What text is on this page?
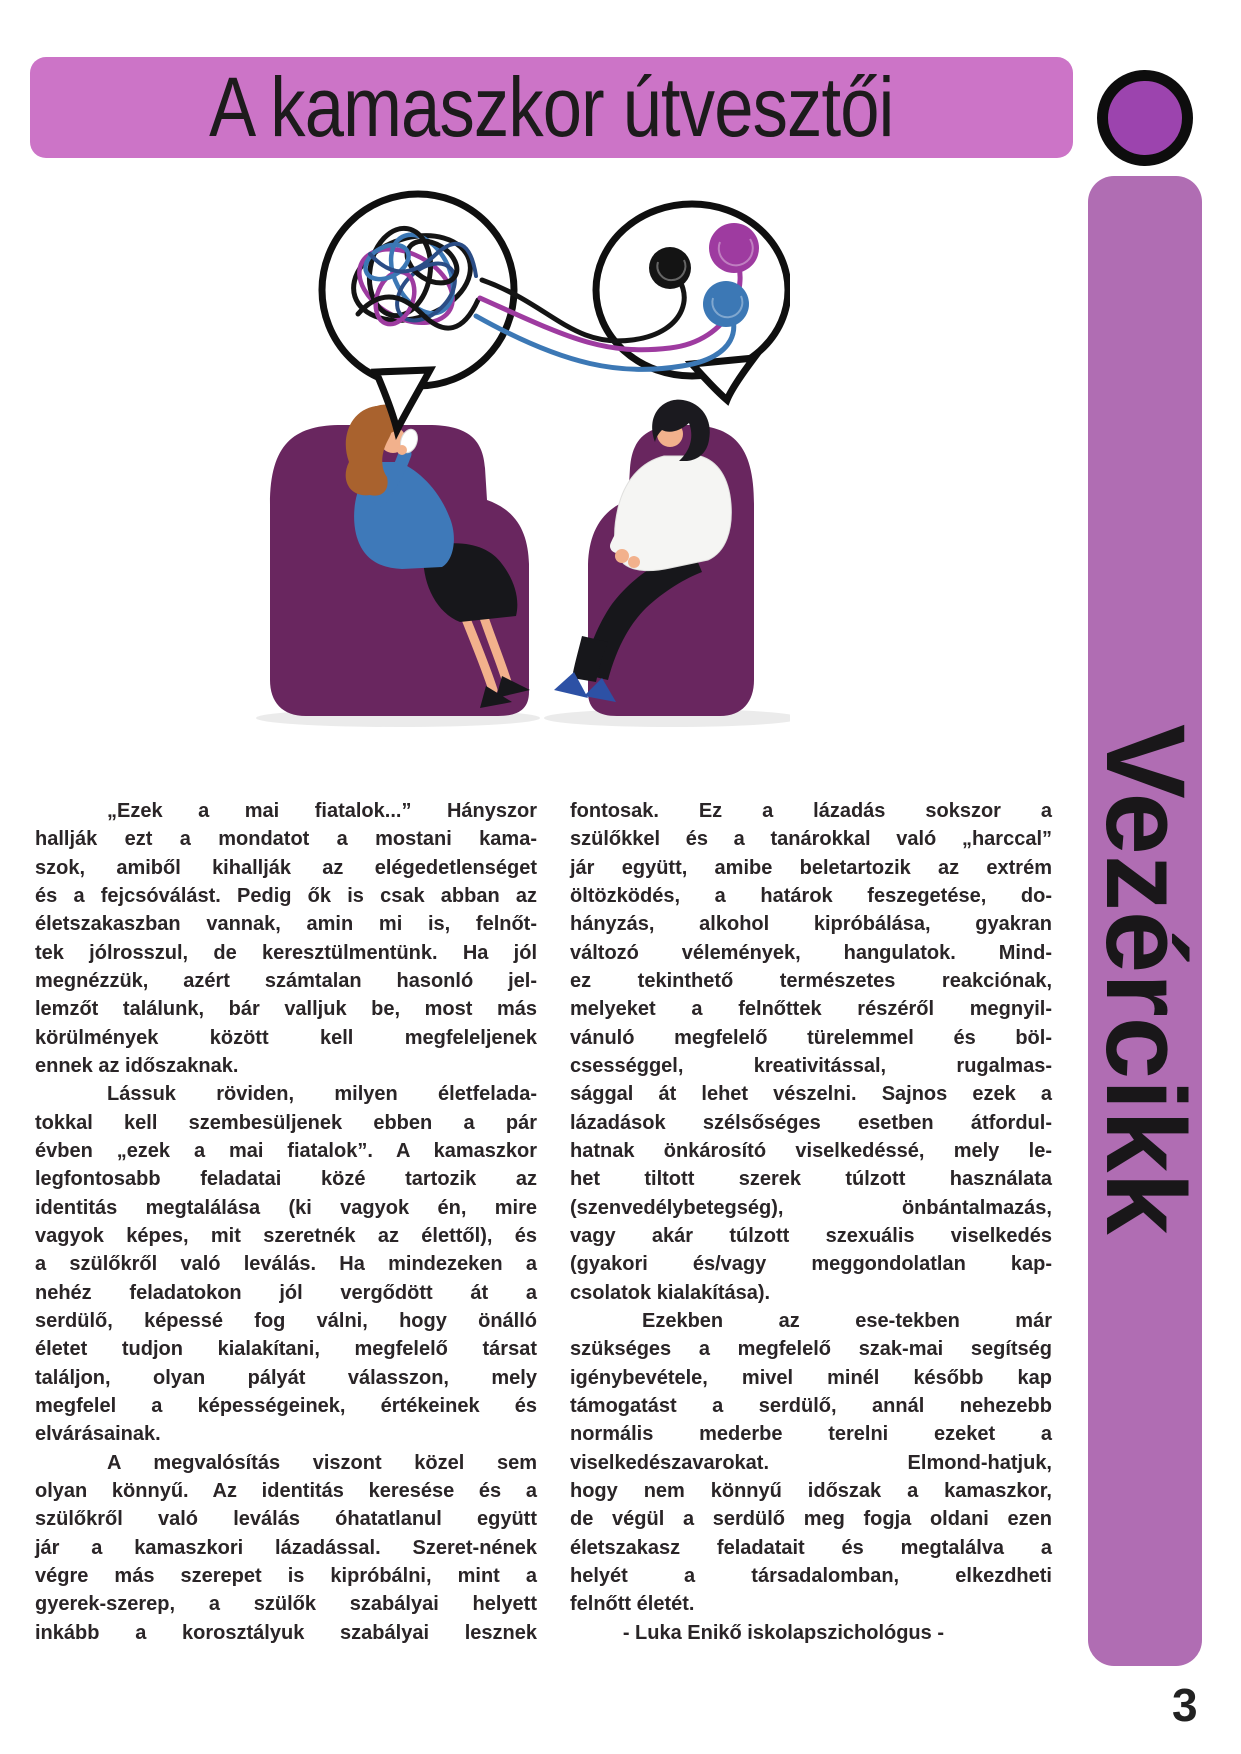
A kamaszkor útvesztői
Vezércikk
„Ezek a mai fiatalok...” Hányszor
hallják ezt a mondatot a mostani kama-
szok, amiből kihallják az elégedetlenséget
és a fejcsóválást. Pedig ők is csak abban az
életszakaszban vannak, amin mi is, felnőt-
tek jólrosszul, de keresztülmentünk. Ha jól
megnézzük, azért számtalan hasonló jel-
lemzőt találunk, bár valljuk be, most más
körülmények között kell megfeleljenek
ennek az időszaknak.
Lássuk röviden, milyen életfelada-
tokkal kell szembesüljenek ebben a pár
évben „ezek a mai fiatalok”. A kamaszkor
legfontosabb feladatai közé tartozik az
identitás megtalálása (ki vagyok én, mire
vagyok képes, mit szeretnék az élettől), és
a szülőkről való leválás. Ha mindezeken a
nehéz feladatokon jól vergődött át a
serdülő, képessé fog válni, hogy önálló
életet tudjon kialakítani, megfelelő társat
találjon, olyan pályát válasszon, mely
megfelel a képességeinek, értékeinek és
elvárásainak.
A megvalósítás viszont közel sem
olyan könnyű. Az identitás keresése és a
szülőkről való leválás óhatatlanul együtt
jár a kamaszkori lázadással. Szeret-nének
végre más szerepet is kipróbálni, mint a
gyerek-szerep, a szülők szabályai helyett
inkább a korosztályuk szabályai lesznek
fontosak. Ez a lázadás sokszor a
szülőkkel és a tanárokkal való „harccal”
jár együtt, amibe beletartozik az extrém
öltözködés, a határok feszegetése, do-
hányzás, alkohol kipróbálása, gyakran
változó vélemények, hangulatok. Mind-
ez tekinthető természetes reakciónak,
melyeket a felnőttek részéről megnyil-
vánuló megfelelő türelemmel és böl-
csességgel, kreativitással, rugalmas-
sággal át lehet vészelni. Sajnos ezek a
lázadások szélsőséges esetben átfordul-
hatnak önkárosító viselkedéssé, mely le-
het tiltott szerek túlzott használata
(szenvedélybetegség), önbántalmazás,
vagy akár túlzott szexuális viselkedés
(gyakori és/vagy meggondolatlan kap-
csolatok kialakítása).
Ezekben az ese-tekben már
szükséges a megfelelő szak-mai segítség
igénybevétele, mivel minél később kap
támogatást a serdülő, annál nehezebb
normális mederbe terelni ezeket a
viselkedészavarokat. Elmond-hatjuk,
hogy nem könnyű időszak a kamaszkor,
de végül a serdülő meg fogja oldani ezen
életszakasz feladatait és megtalálva a
helyét a társadalomban, elkezdheti
felnőtt életét.
- Luka Enikő iskolapszichológus -
3
